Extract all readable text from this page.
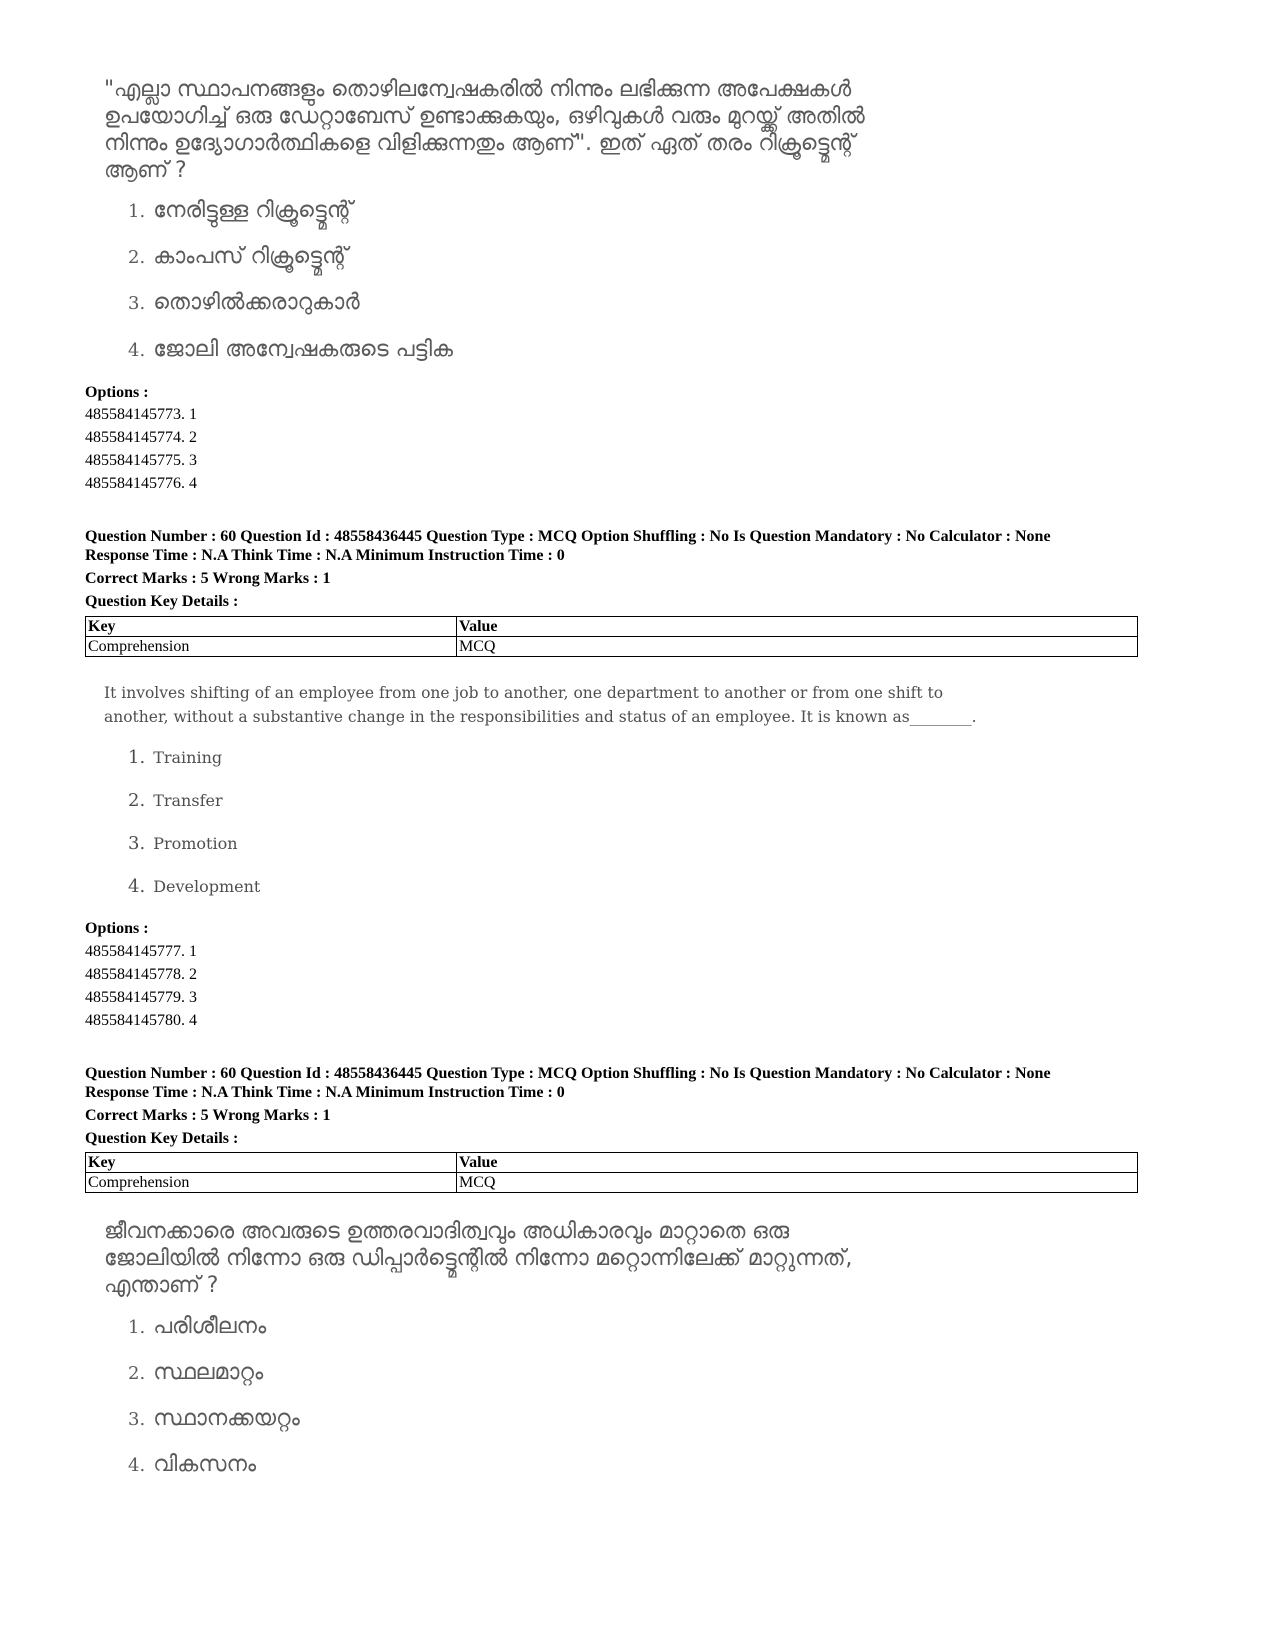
"എല്ലാ സ്ഥാപനങ്ങളും തൊഴിലന്വേഷകരിൽ നിന്നും ലഭിക്കുന്ന അപേക്ഷകൾ
ഉപയോഗിച്ച് ഒരു ഡേറ്റാബേസ് ഉണ്ടാക്കുകയും, ഒഴിവുകൾ വരും മുറയ്ക്ക് അതിൽ
നിന്നും ഉദ്യോഗാർത്ഥികളെ വിളിക്കുന്നതും ആണ്". ഇത് ഏത് തരം റിക്രൂട്ട്മെന്റ്
ആണ് ?
1. നേരിട്ടുള്ള റിക്രൂട്ട്മെന്റ്
2. കാംപസ് റിക്രൂട്ട്മെന്റ്
3. തൊഴിൽക്കരാറുകാർ
4. ജോലി അന്വേഷകരുടെ പട്ടിക
Options :
485584145773. 1
485584145774. 2
485584145775. 3
485584145776. 4
Question Number : 60 Question Id : 48558436445 Question Type : MCQ Option Shuffling : No Is Question Mandatory : No Calculator : None
Response Time : N.A Think Time : N.A Minimum Instruction Time : 0
Correct Marks : 5 Wrong Marks : 1
Question Key Details :
Key	Value
Comprehension	MCQ
It involves shifting of an employee from one job to another, one department to another or from one shift to
another, without a substantive change in the responsibilities and status of an employee. It is known as________.
1. Training
2. Transfer
3. Promotion
4. Development
Options :
485584145777. 1
485584145778. 2
485584145779. 3
485584145780. 4
Question Number : 60 Question Id : 48558436445 Question Type : MCQ Option Shuffling : No Is Question Mandatory : No Calculator : None
Response Time : N.A Think Time : N.A Minimum Instruction Time : 0
Correct Marks : 5 Wrong Marks : 1
Question Key Details :
Key	Value
Comprehension	MCQ
ജീവനക്കാരെ അവരുടെ ഉത്തരവാദിത്വവും അധികാരവും മാറ്റാതെ ഒരു
ജോലിയിൽ നിന്നോ ഒരു ഡിപ്പാർട്ട്മെന്റിൽ നിന്നോ മറ്റൊന്നിലേക്ക് മാറ്റുന്നത്,
എന്താണ് ?
1. പരിശീലനം
2. സ്ഥലമാറ്റം
3. സ്ഥാനക്കയറ്റം
4. വികസനം
